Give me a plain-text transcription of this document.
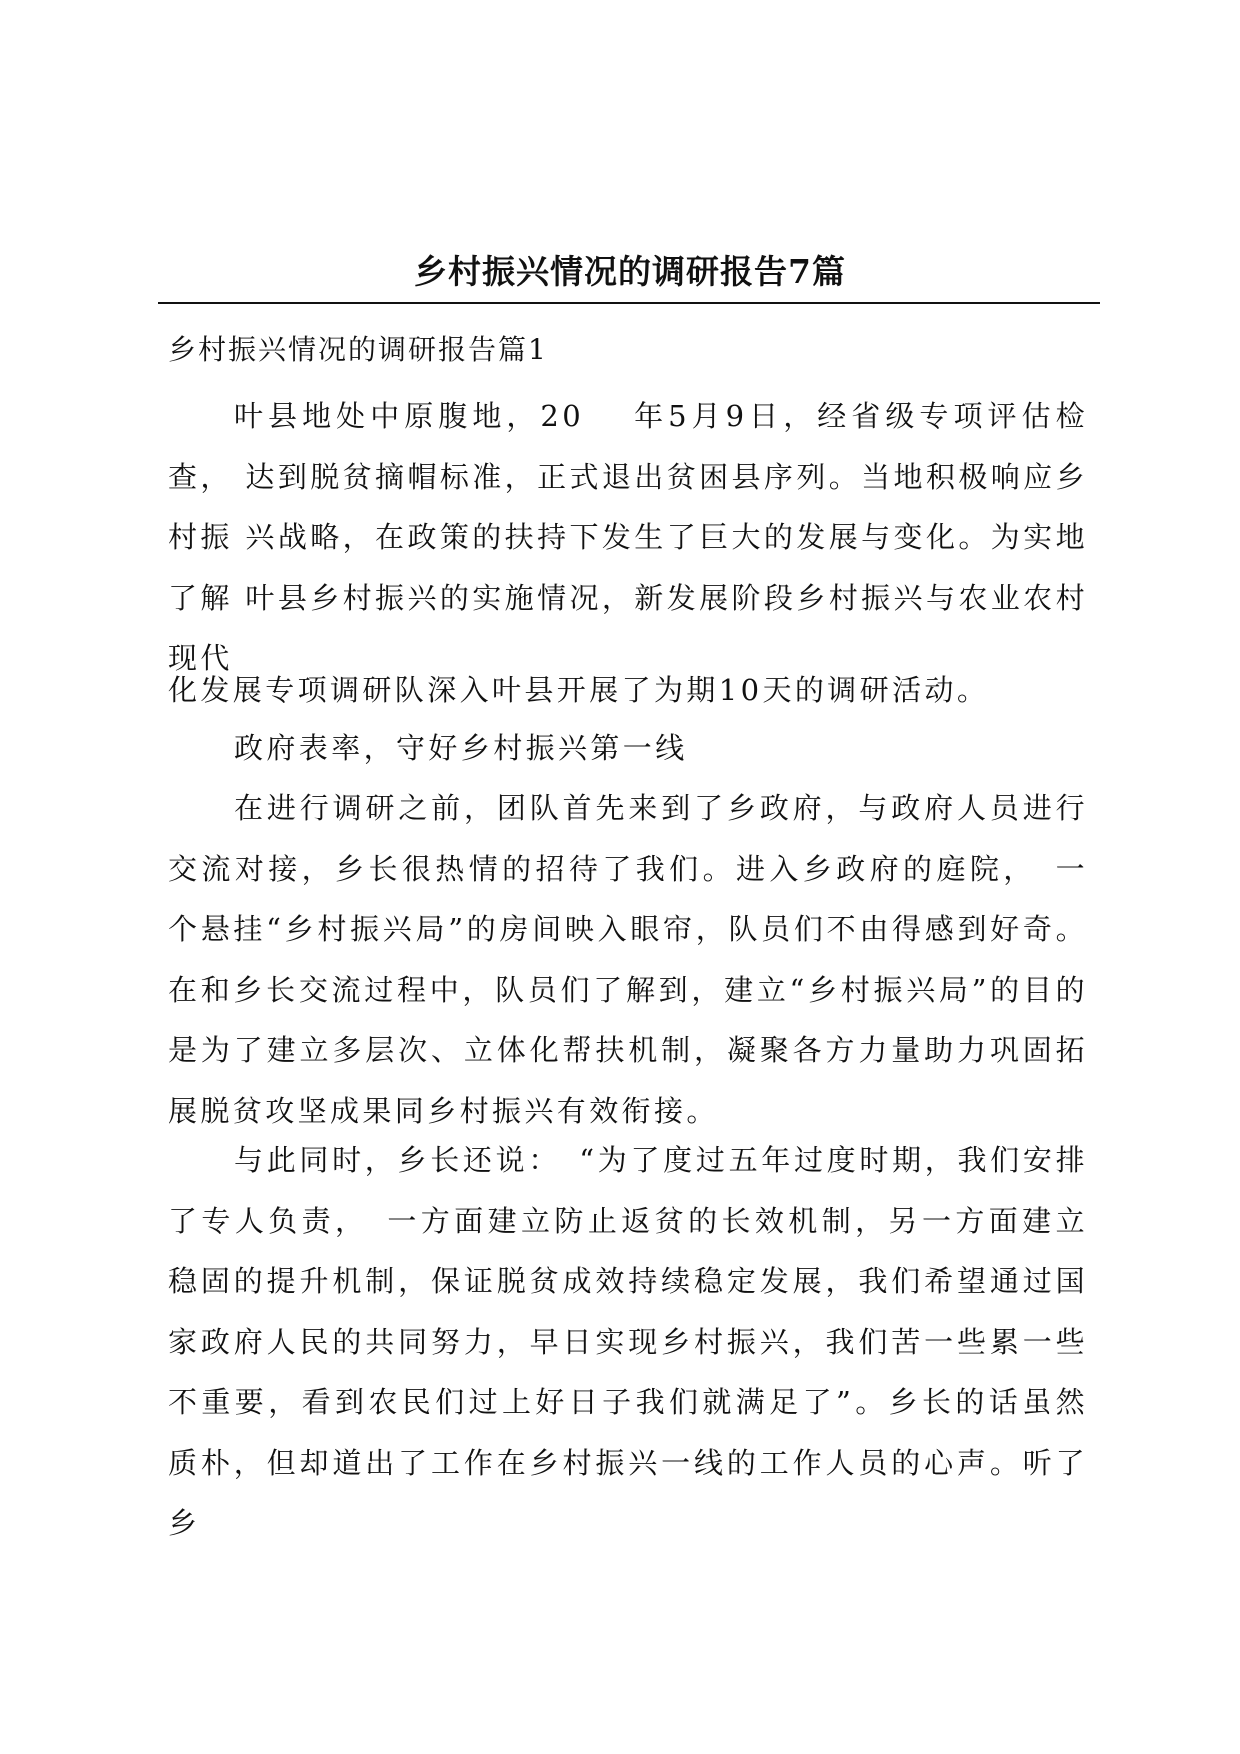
乡村振兴情况的调研报告7篇
乡村振兴情况的调研报告篇1
叶县地处中原腹地，20　 年5月9日，经省级专项评估检查， 达到脱贫摘帽标准，正式退出贫困县序列。当地积极响应乡村振 兴战略，在政策的扶持下发生了巨大的发展与变化。为实地了解 叶县乡村振兴的实施情况，新发展阶段乡村振兴与农业农村现代
化发展专项调研队深入叶县开展了为期10天的调研活动。
政府表率，守好乡村振兴第一线
在进行调研之前，团队首先来到了乡政府，与政府人员进行交流对接，乡长很热情的招待了我们。进入乡政府的庭院，　一个悬挂“乡村振兴局”的房间映入眼帘，队员们不由得感到好奇。在和乡长交流过程中，队员们了解到，建立“乡村振兴局”的目的是为了建立多层次、立体化帮扶机制，凝聚各方力量助力巩固拓展脱贫攻坚成果同乡村振兴有效衔接。
与此同时，乡长还说：　“为了度过五年过度时期，我们安排了专人负责，　一方面建立防止返贫的长效机制，另一方面建立稳固的提升机制，保证脱贫成效持续稳定发展，我们希望通过国家政府人民的共同努力，早日实现乡村振兴，我们苦一些累一些不重要，看到农民们过上好日子我们就满足了”。乡长的话虽然质朴，但却道出了工作在乡村振兴一线的工作人员的心声。听了乡
